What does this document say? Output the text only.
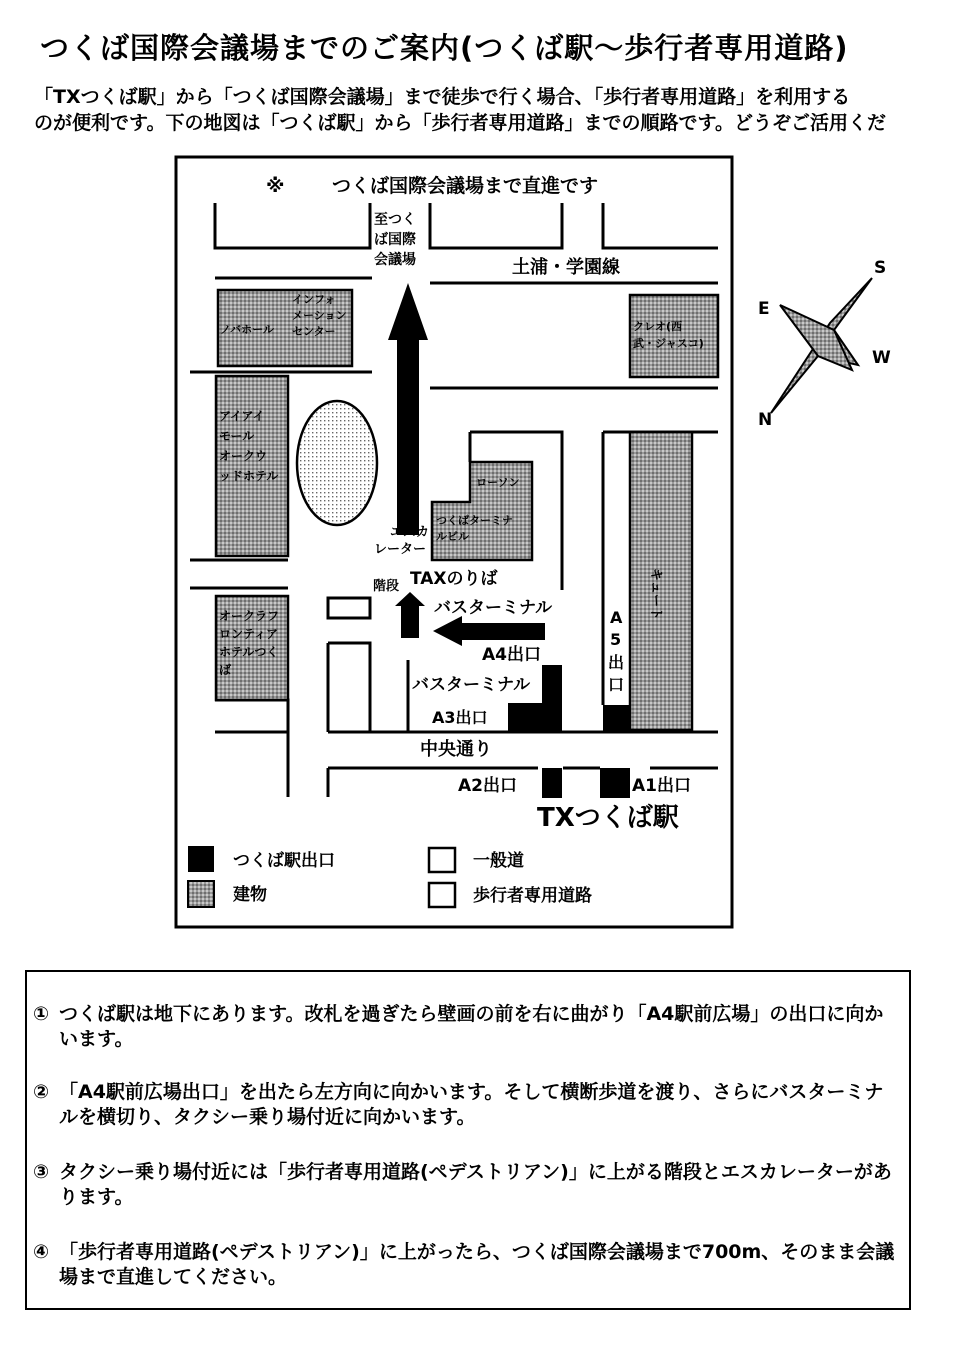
つくば国際会議場までのご案内(つくば駅～歩行者専用道路)
「TXつくば駅」から「つくば国際会議場」まで徒歩で行く場合、「歩行者専用道路」を利用する
のが便利です。下の地図は「つくば駅」から「歩行者専用道路」までの順路です。どうぞご活用くだ
S
E
W
N
※	つくば国際会議場まで直進です
至つく
ば国際
会議場	土浦・学園線
中央通り
インフォ
メーション
センター
ノバホール
アイアイ
モール
オークウ
ッドホテル
オークラフ
ロンティア
ホテルつく
ば
クレオ(西
武・ジャスコ)
ローソン
つくばターミナ
ルビル
キュート
エスカ
レーター
階段 TAXのりば
バスターミナル
A4出口
バスターミナル
A3出口
A
5
出
口
A2出口	A1出口
TXつくば駅
つくば駅出口
建物
一般道
歩行者専用道路
① つくば駅は地下にあります。改札を過ぎたら壁画の前を右に曲がり「A4駅前広場」の出口に向かいます。
② 「A4駅前広場出口」を出たら左方向に向かいます。そして横断歩道を渡り、さらにバスターミナルを横切り、タクシー乗り場付近に向かいます。
③ タクシー乗り場付近には「歩行者専用道路(ペデストリアン)」に上がる階段とエスカレーターがあります。
④ 「歩行者専用道路(ペデストリアン)」に上がったら、つくば国際会議場まで700m、そのまま会議場まで直進してください。
